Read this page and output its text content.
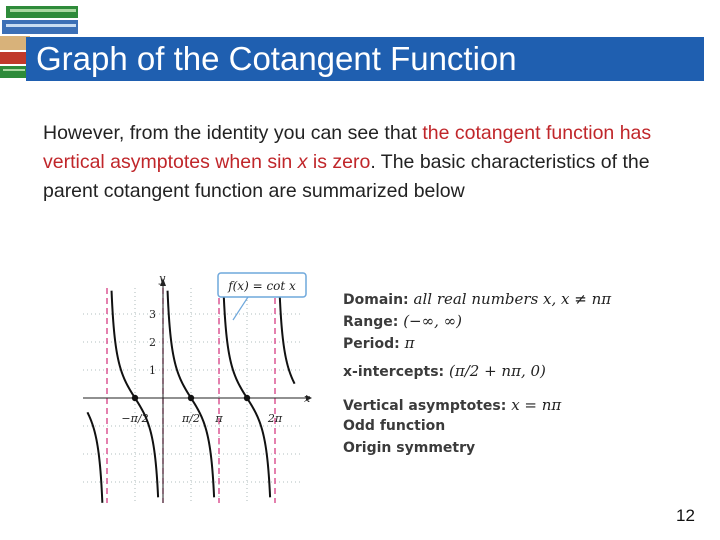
Graph of the Cotangent Function
However, from the identity you can see that the cotangent function has vertical asymptotes when sin x is zero. The basic characteristics of the parent cotangent function are summarized below
x
y
3
2
1
−π/2	π/2 π	2π
f(x) = cot x
Domain: all real numbers x, x ≠ nπ
Range: (−∞, ∞)
Period: π
x-intercepts: (π/2 + nπ, 0)
Vertical asymptotes: x = nπ
Odd function
Origin symmetry
12
